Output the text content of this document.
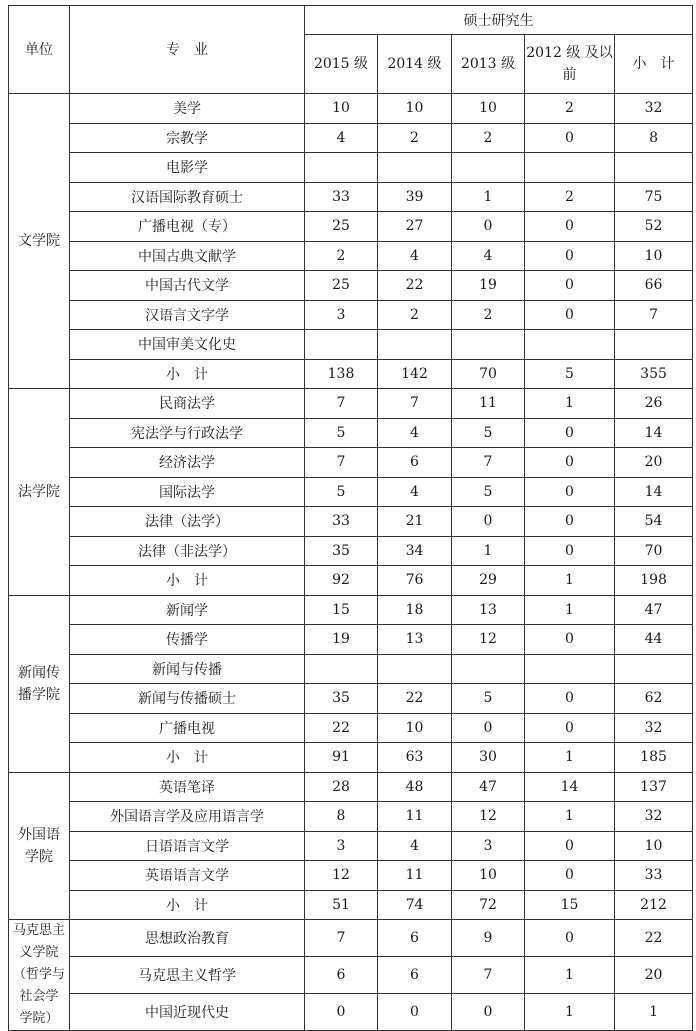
单位	专　业	硕士研究生				
		2015 级	2014 级	2013 级	2012 级 及以前	小　计
文学院	美学	10	10	10	2	32
	宗教学	4	2	2	0	8
	电影学					
	汉语国际教育硕士	33	39	1	2	75
	广播电视（专）	25	27	0	0	52
	中国古典文献学	2	4	4	0	10
	中国古代文学	25	22	19	0	66
	汉语言文字学	3	2	2	0	7
	中国审美文化史					
	小　计	138	142	70	5	355
法学院	民商法学	7	7	11	1	26
	宪法学与行政法学	5	4	5	0	14
	经济法学	7	6	7	0	20
	国际法学	5	4	5	0	14
	法律（法学）	33	21	0	0	54
	法律（非法学）	35	34	1	0	70
	小　计	92	76	29	1	198
新闻传
播学院	新闻学	15	18	13	1	47
	传播学	19	13	12	0	44
	新闻与传播					
	新闻与传播硕士	35	22	5	0	62
	广播电视	22	10	0	0	32
	小　计	91	63	30	1	185
外国语
学院	英语笔译	28	48	47	14	137
	外国语言学及应用语言学	8	11	12	1	32
	日语语言文学	3	4	3	0	10
	英语语言文学	12	11	10	0	33
	小　计	51	74	72	15	212
马克思主
义学院
（哲学与
社会学
学院）	思想政治教育	7	6	9	0	22
	马克思主义哲学	6	6	7	1	20
	中国近现代史	0	0	0	1	1
